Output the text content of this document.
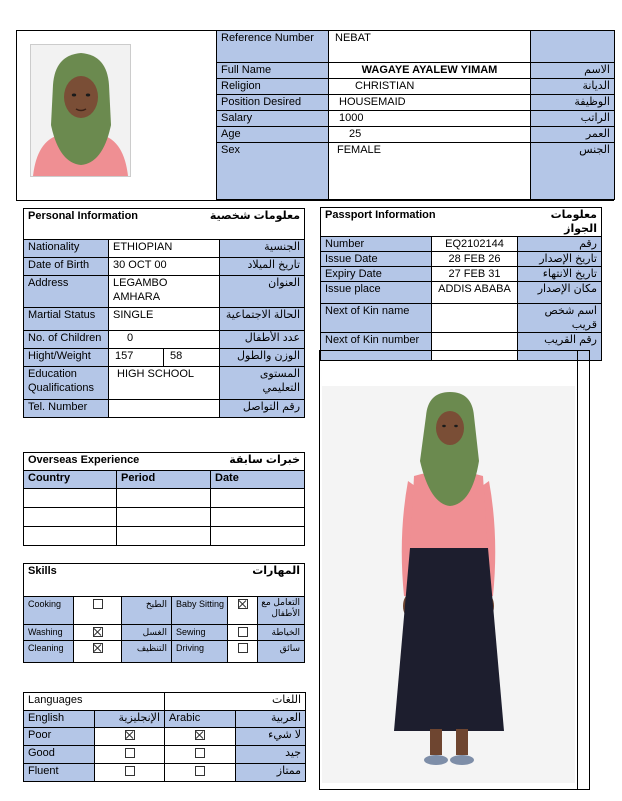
Reference Number	NEBAT	
Full Name	WAGAYE AYALEW YIMAM	الاسم
Religion	CHRISTIAN	الديانة
Position Desired	HOUSEMAID	الوظيفة
Salary	1000	الراتب
Age	25	العمر
Sex	FEMALE	الجنس
Personal Information		معلومات شخصية	
Nationality	ETHIOPIAN		الجنسية
Date of Birth	30 OCT 00		تاريخ الميلاد
Address	LEGAMBO
AMHARA		العنوان
Martial Status	SINGLE		الحالة الاجتماعية
No. of Children	0		عدد الأطفال
Hight/Weight	157	58	الوزن والطول
Education Qualifications	HIGH SCHOOL		المستوى التعليمي
Tel. Number			رقم التواصل
Passport Information		معلومات الجواز
Number	EQ2102144	رقم
Issue Date	28 FEB 26	تاريخ الإصدار
Expiry Date	27 FEB 31	تاريخ الانتهاء
Issue place	ADDIS ABABA	مكان الإصدار
Next of Kin name		اسم شخص قريب
Next of Kin number		رقم القريب
Overseas Experience		خبرات سابقة
Country	Period	Date

Skills			المهارات		
Cooking		الطبخ	Baby Sitting		التعامل مع الأطفال
Washing		الغسل	Sewing		الخياطة
Cleaning		التنظيف	Driving		سائق
Languages		اللغات	
English	الإنجليزية	Arabic	العربية
Poor			لا شيء
Good			جيد
Fluent			ممتاز
